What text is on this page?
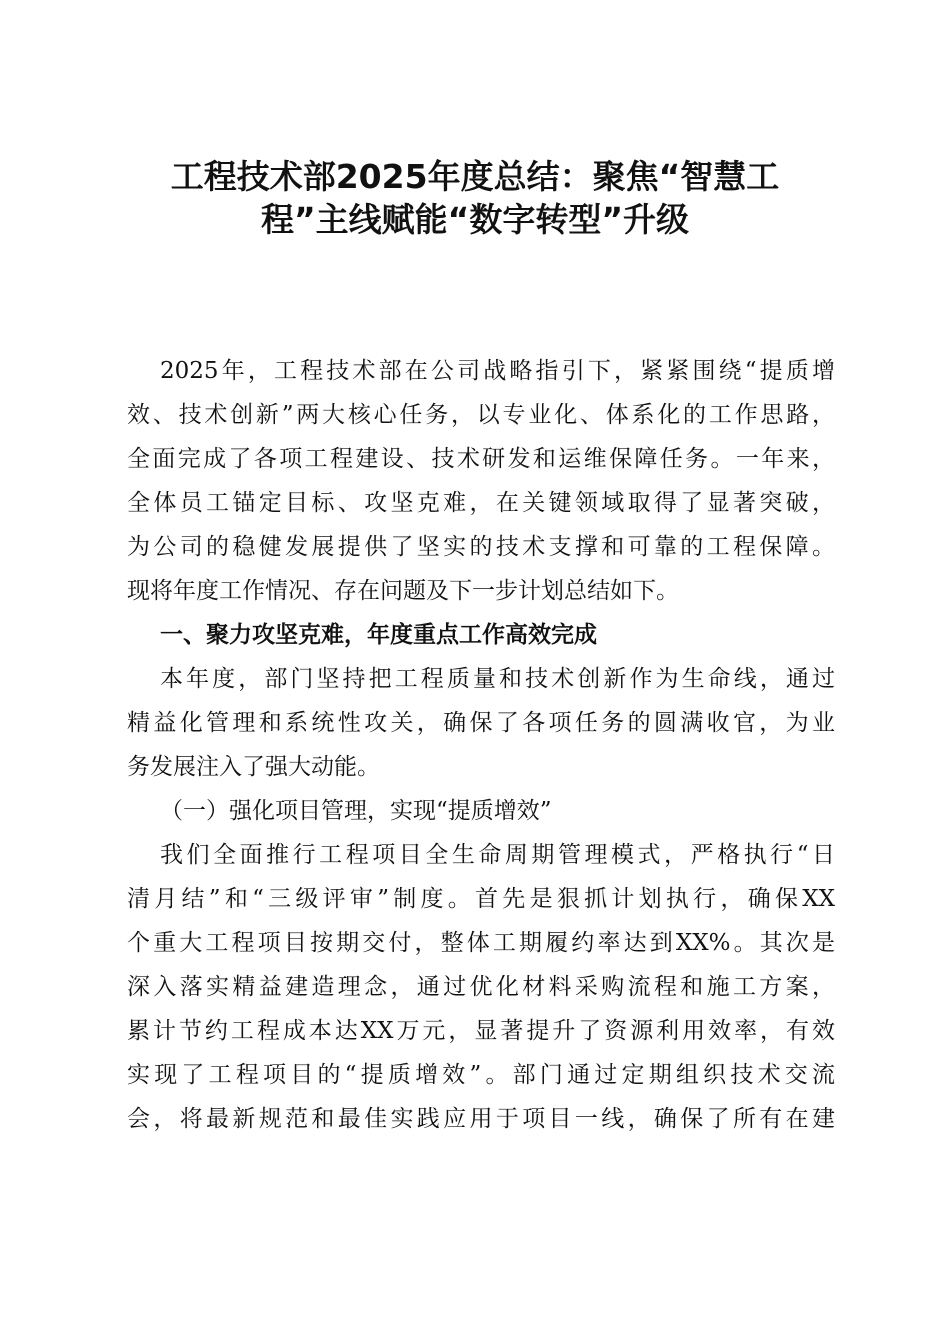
工程技术部2025年度总结：聚焦“智慧工
程”主线赋能“数字转型”升级
2025年，工程技术部在公司战略指引下，紧紧围绕“提质增
效、技术创新”两大核心任务，以专业化、体系化的工作思路，
全面完成了各项工程建设、技术研发和运维保障任务。一年来，
全体员工锚定目标、攻坚克难，在关键领域取得了显著突破，
为公司的稳健发展提供了坚实的技术支撑和可靠的工程保障。
现将年度工作情况、存在问题及下一步计划总结如下。
一、聚力攻坚克难，年度重点工作高效完成
本年度，部门坚持把工程质量和技术创新作为生命线，通过
精益化管理和系统性攻关，确保了各项任务的圆满收官，为业
务发展注入了强大动能。
（一）强化项目管理，实现“提质增效”
我们全面推行工程项目全生命周期管理模式，严格执行“日
清月结”和“三级评审”制度。首先是狠抓计划执行，确保XX
个重大工程项目按期交付，整体工期履约率达到XX%。其次是
深入落实精益建造理念，通过优化材料采购流程和施工方案，
累计节约工程成本达XX万元，显著提升了资源利用效率，有效
实现了工程项目的“提质增效”。部门通过定期组织技术交流
会，将最新规范和最佳实践应用于项目一线，确保了所有在建
